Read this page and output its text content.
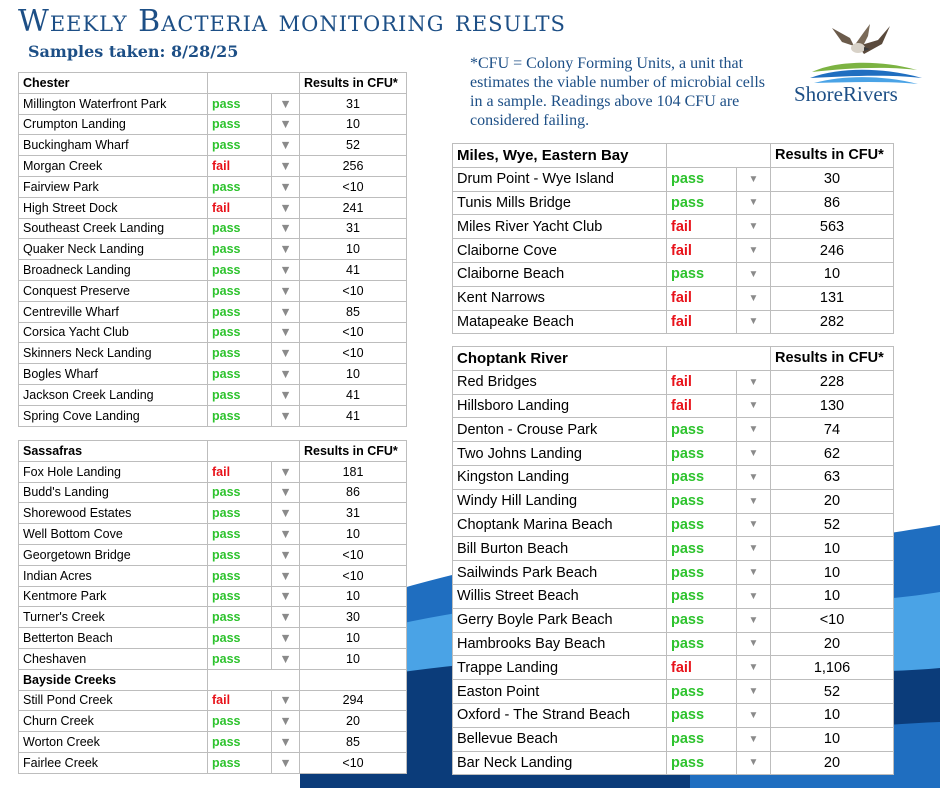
Weekly Bacteria monitoring results
Samples taken: 8/28/25
*CFU = Colony Forming Units, a unit that estimates the viable number of microbial cells in a sample. Readings above 104 CFU are considered failing.
ShoreRivers
Chester			Results in CFU*
Millington Waterfront Park	pass	▼	31
Crumpton Landing	pass	▼	10
Buckingham Wharf	pass	▼	52
Morgan Creek	fail	▼	256
Fairview Park	pass	▼	<10
High Street Dock	fail	▼	241
Southeast Creek Landing	pass	▼	31
Quaker Neck Landing	pass	▼	10
Broadneck Landing	pass	▼	41
Conquest Preserve	pass	▼	<10
Centreville Wharf	pass	▼	85
Corsica Yacht Club	pass	▼	<10
Skinners Neck Landing	pass	▼	<10
Bogles Wharf	pass	▼	10
Jackson Creek Landing	pass	▼	41
Spring Cove Landing	pass	▼	41
Sassafras			Results in CFU*
Fox Hole Landing	fail	▼	181
Budd's Landing	pass	▼	86
Shorewood Estates	pass	▼	31
Well Bottom Cove	pass	▼	10
Georgetown Bridge	pass	▼	<10
Indian Acres	pass	▼	<10
Kentmore Park	pass	▼	10
Turner's Creek	pass	▼	30
Betterton Beach	pass	▼	10
Cheshaven	pass	▼	10
Bayside Creeks			
Still Pond Creek	fail	▼	294
Churn Creek	pass	▼	20
Worton Creek	pass	▼	85
Fairlee Creek	pass	▼	<10
Miles, Wye, Eastern Bay			Results in CFU*
Drum Point - Wye Island	pass	▼	30
Tunis Mills Bridge	pass	▼	86
Miles River Yacht Club	fail	▼	563
Claiborne Cove	fail	▼	246
Claiborne Beach	pass	▼	10
Kent Narrows	fail	▼	131
Matapeake Beach	fail	▼	282
Choptank River			Results in CFU*
Red Bridges	fail	▼	228
Hillsboro Landing	fail	▼	130
Denton - Crouse Park	pass	▼	74
Two Johns Landing	pass	▼	62
Kingston Landing	pass	▼	63
Windy Hill Landing	pass	▼	20
Choptank Marina Beach	pass	▼	52
Bill Burton Beach	pass	▼	10
Sailwinds Park Beach	pass	▼	10
Willis Street Beach	pass	▼	10
Gerry Boyle Park Beach	pass	▼	<10
Hambrooks Bay Beach	pass	▼	20
Trappe Landing	fail	▼	1,106
Easton Point	pass	▼	52
Oxford - The Strand Beach	pass	▼	10
Bellevue Beach	pass	▼	10
Bar Neck Landing	pass	▼	20
